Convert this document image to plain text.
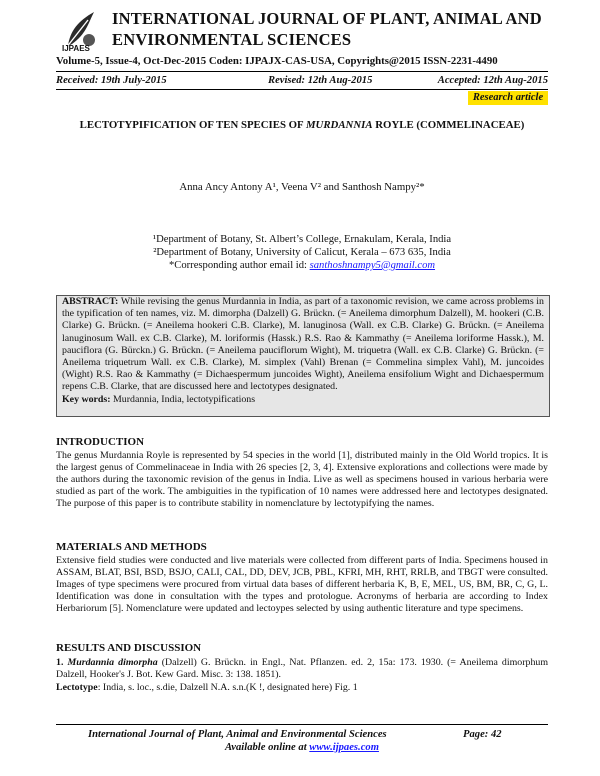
IJPAES
INTERNATIONAL JOURNAL OF PLANT, ANIMAL AND ENVIRONMENTAL SCIENCES
Volume-5, Issue-4, Oct-Dec-2015 Coden: IJPAJX-CAS-USA, Copyrights@2015 ISSN-2231-4490
Received: 19th July-2015	Revised: 12th Aug-2015	Accepted: 12th Aug-2015
Research article
LECTOTYPIFICATION OF TEN SPECIES OF MURDANNIA ROYLE (COMMELINACEAE)
Anna Ancy Antony A¹, Veena V² and Santhosh Nampy²*
¹Department of Botany, St. Albert’s College, Ernakulam, Kerala, India
²Department of Botany, University of Calicut, Kerala – 673 635, India
*Corresponding author email id: santhoshnampy5@gmail.com
ABSTRACT: While revising the genus Murdannia in India, as part of a taxonomic revision, we came across problems in the typification of ten names, viz. M. dimorpha (Dalzell) G. Brückn. (= Aneilema dimorphum Dalzell), M. hookeri (C.B. Clarke) G. Brückn. (= Aneilema hookeri C.B. Clarke), M. lanuginosa (Wall. ex C.B. Clarke) G. Brückn. (= Aneilema lanuginosum Wall. ex C.B. Clarke), M. loriformis (Hassk.) R.S. Rao & Kammathy (= Aneilema loriforme Hassk.), M. pauciflora (G. Bürckn.) G. Brückn. (= Aneilema pauciflorum Wight), M. triquetra (Wall. ex C.B. Clarke) G. Brückn. (= Aneilema triquetrum Wall. ex C.B. Clarke), M. simplex (Vahl) Brenan (= Commelina simplex Vahl), M. juncoides (Wight) R.S. Rao & Kammathy (= Dichaespermum juncoides Wight), Aneilema ensifolium Wight and Dichaespermum repens C.B. Clarke, that are discussed here and lectotypes designated.
Key words: Murdannia, India, lectotypifications
INTRODUCTION
The genus Murdannia Royle is represented by 54 species in the world [1], distributed mainly in the Old World tropics. It is the largest genus of Commelinaceae in India with 26 species [2, 3, 4]. Extensive explorations and collections were made by the authors during the taxonomic revision of the genus in India. Live as well as specimens housed in various herbaria were studied as part of the work. The ambiguities in the typification of 10 names were addressed here and lectotypes designated. The purpose of this paper is to contribute stability in nomenclature by lectotypifying the names.
MATERIALS AND METHODS
Extensive field studies were conducted and live materials were collected from different parts of India. Specimens housed in ASSAM, BLAT, BSI, BSD, BSJO, CALI, CAL, DD, DEV, JCB, PBL, KFRI, MH, RHT, RRLB, and TBGT were consulted. Images of type specimens were procured from virtual data bases of different herbaria K, B, E, MEL, US, BM, BR, C, G, L. Identification was done in consultation with the types and protologue. Acronyms of herbaria are according to Index Herbariorum [5]. Nomenclature were updated and lectoypes selected by using authentic literature and type specimens.
RESULTS AND DISCUSSION
1. Murdannia dimorpha (Dalzell) G. Brückn. in Engl., Nat. Pflanzen. ed. 2, 15a: 173. 1930. (= Aneilema dimorphum Dalzell, Hooker's J. Bot. Kew Gard. Misc. 3: 138. 1851).
Lectotype: India, s. loc., s.die, Dalzell N.A. s.n.(K !, designated here) Fig. 1
International Journal of Plant, Animal and Environmental Sciences	Page: 42
Available online at www.ijpaes.com
